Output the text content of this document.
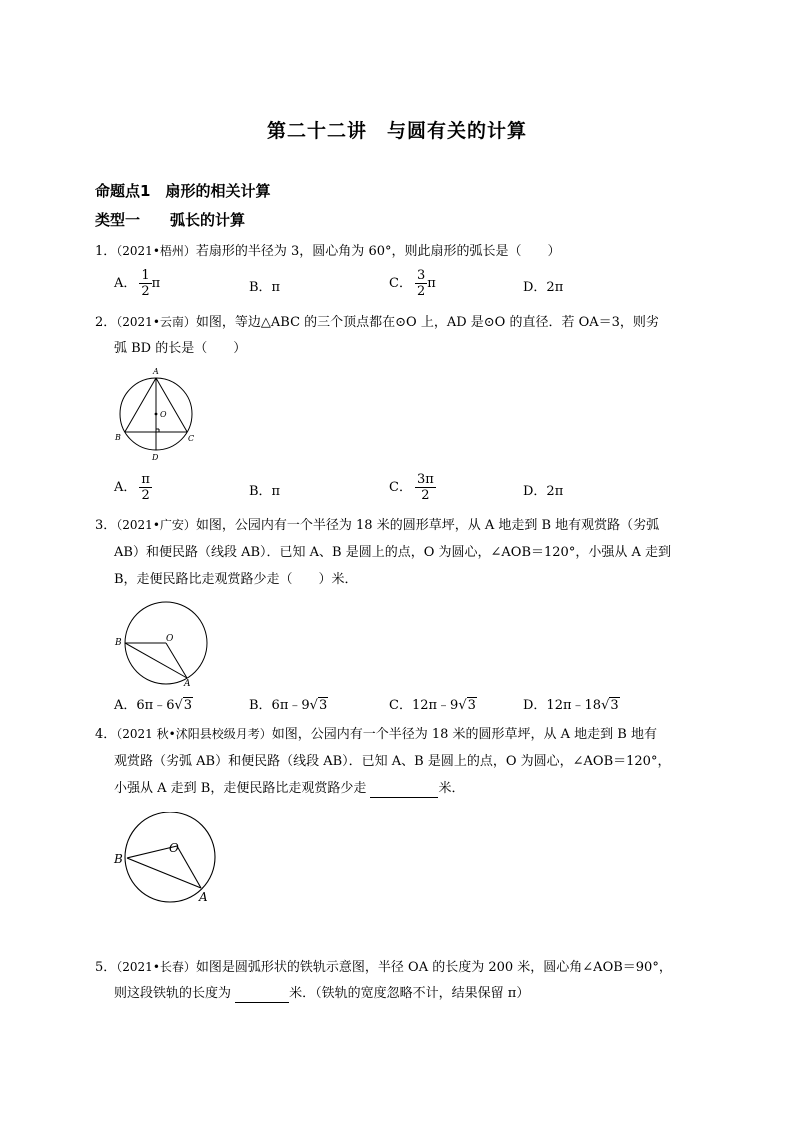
第二十二讲　与圆有关的计算
命题点1　扇形的相关计算
类型一　　弧长的计算
1．（2021•梧州）若扇形的半径为 3，圆心角为 60°，则此扇形的弧长是（　　）
A． $\frac{1}{2}$ π	B．π	C． $\frac{3}{2}$ π	D．2π
2．（2021•云南）如图，等边△ABC 的三个顶点都在⊙O 上，AD 是⊙O 的直径．若 OA＝3，则劣
弧 BD 的长是（　　）
A
O
B	C
D
A． $\frac{\pi}{2}$	B．π	C． $\frac{3\pi}{2}$	D．2π
3．（2021•广安）如图，公园内有一个半径为 18 米的圆形草坪，从 A 地走到 B 地有观赏路（劣弧
AB）和便民路（线段 AB）．已知 A、B 是圆上的点，O 为圆心，∠AOB＝120°，小强从 A 走到
B，走便民路比走观赏路少走（　　）米．
B	O
A
A．6π﹣6√3	B．6π﹣9√3	C．12π﹣9√3	D．12π﹣18√3
4．（2021 秋•沭阳县校级月考）如图，公园内有一个半径为 18 米的圆形草坪，从 A 地走到 B 地有
观赏路（劣弧 AB）和便民路（线段 AB）．已知 A、B 是圆上的点，O 为圆心，∠AOB＝120°，
小强从 A 走到 B，走便民路比走观赏路少走	米．
B
O
A
5．（2021•长春）如图是圆弧形状的铁轨示意图，半径 OA 的长度为 200 米，圆心角∠AOB＝90°，
则这段铁轨的长度为	米．（铁轨的宽度忽略不计，结果保留 π）
